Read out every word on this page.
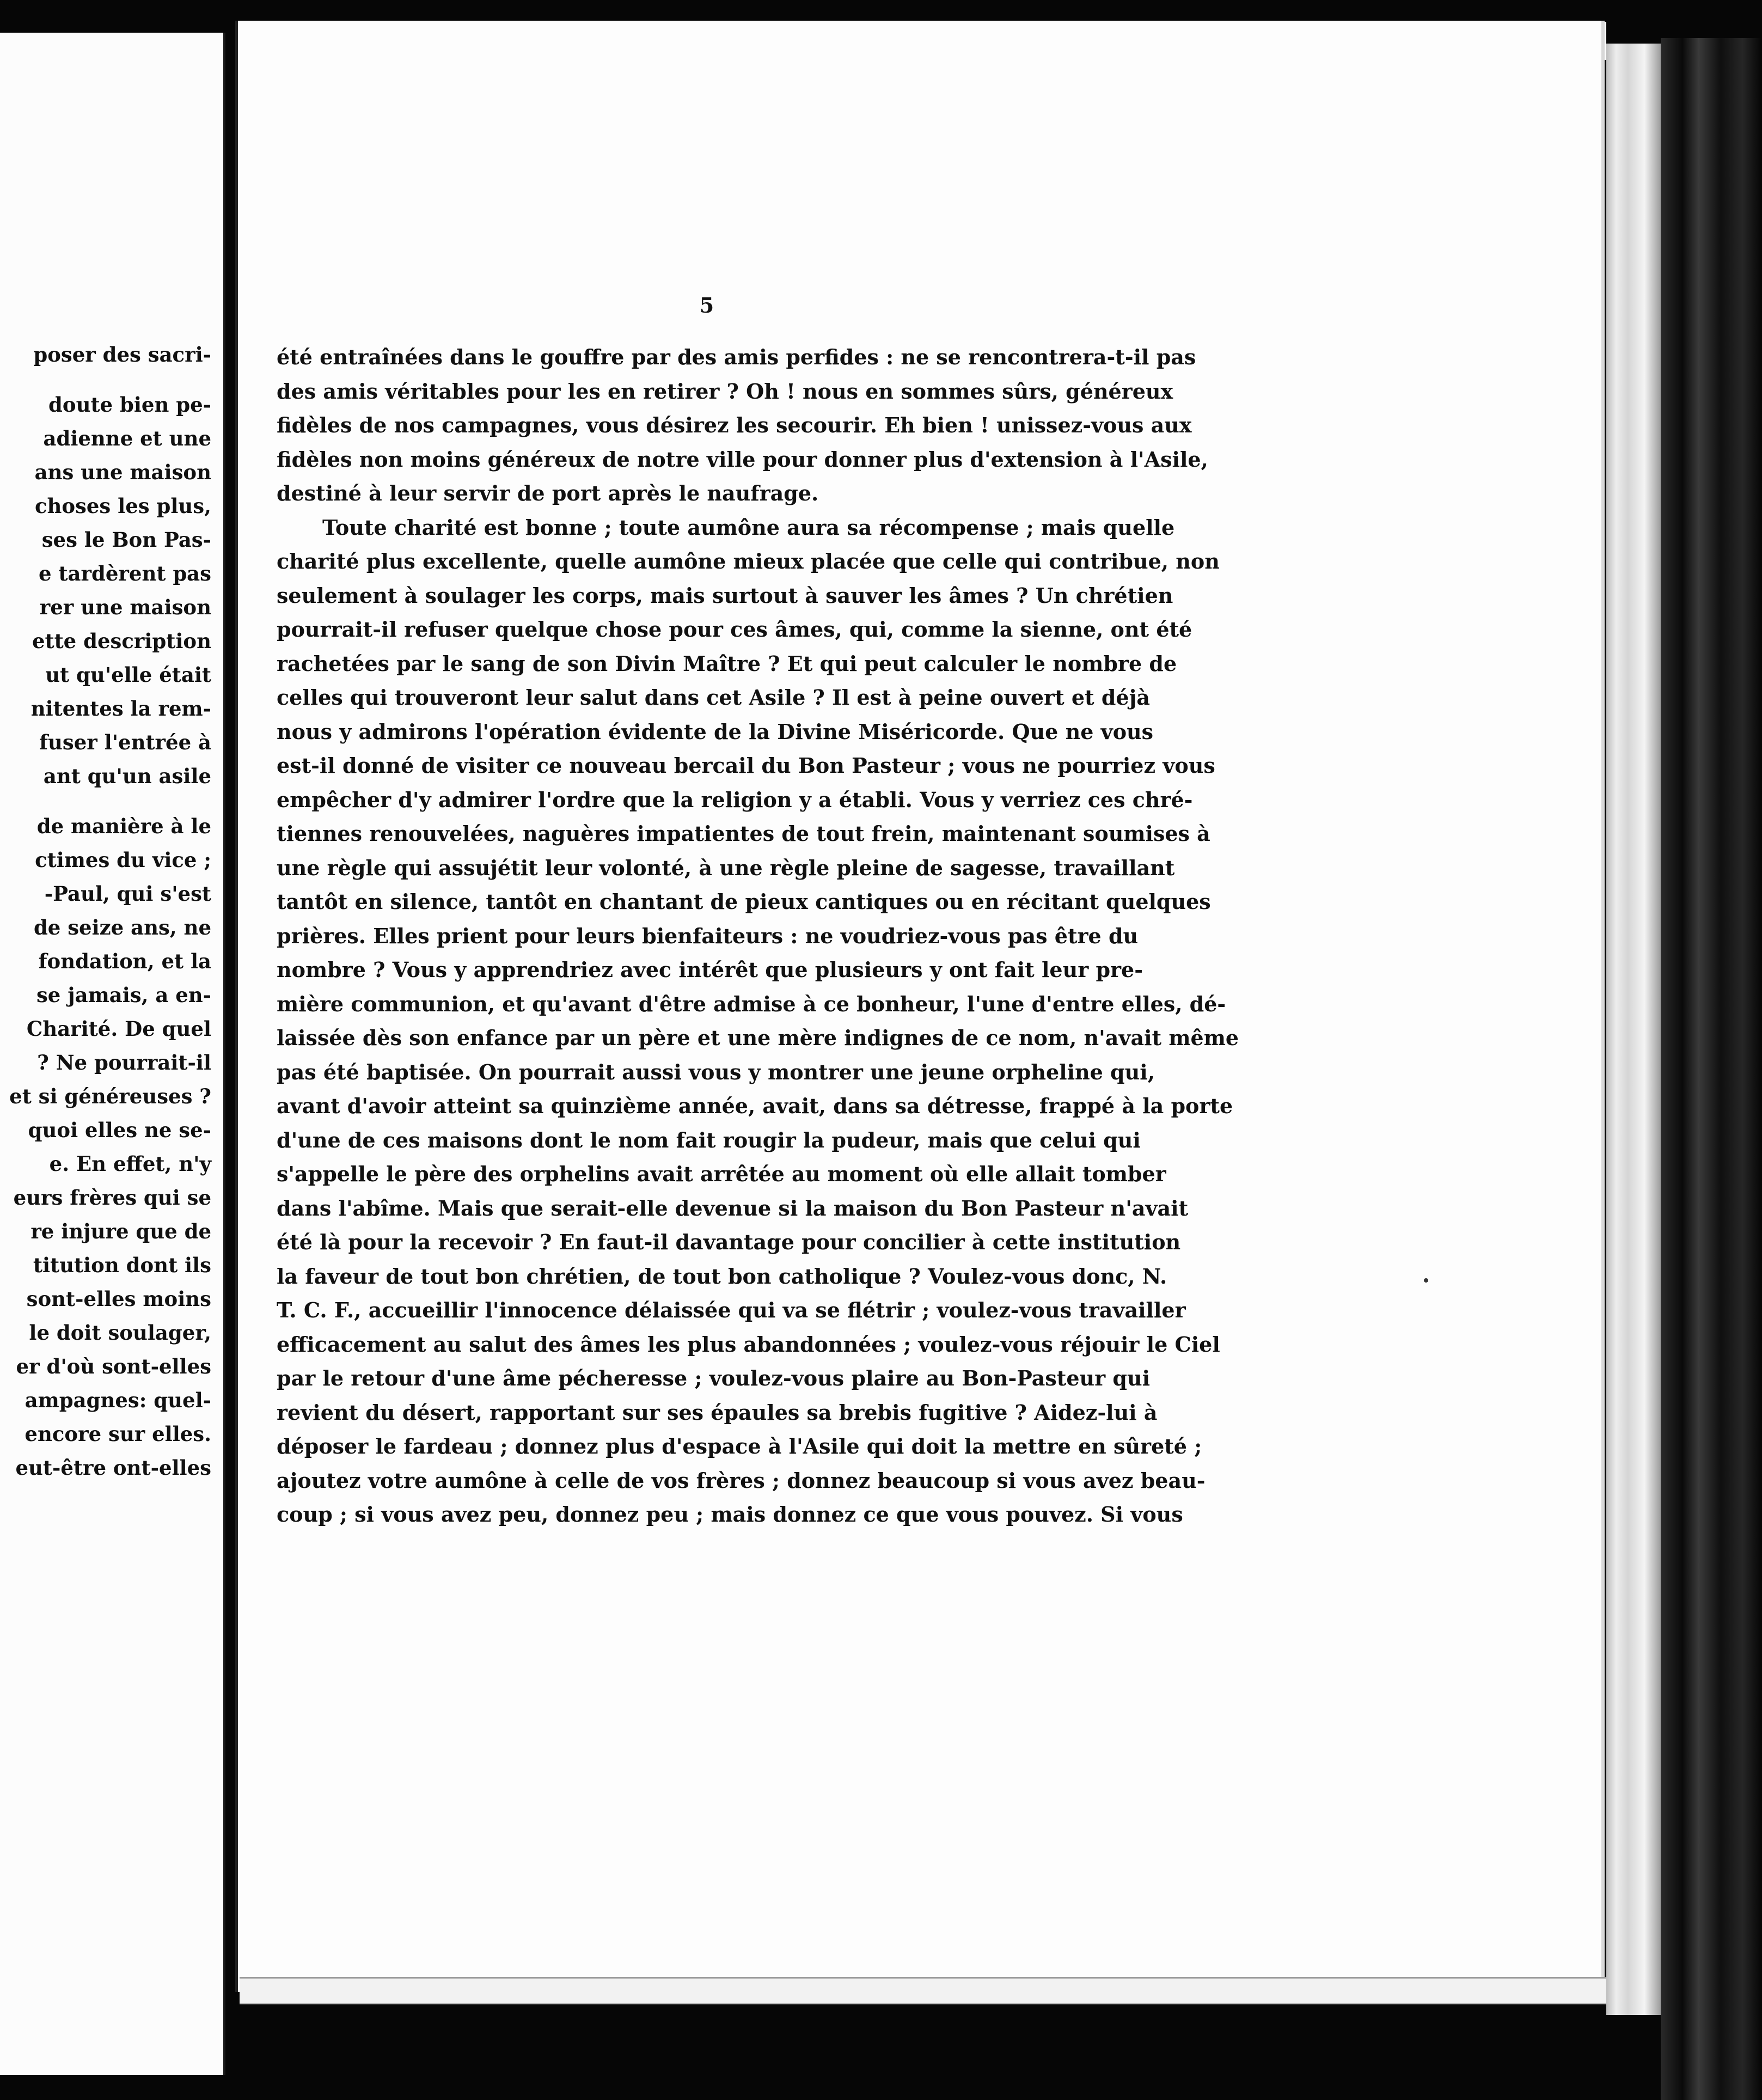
poser des sacri-
doute bien pe-
adienne et une
ans une maison
choses les plus,
ses le Bon Pas-
e tardèrent pas
rer une maison
ette description
ut qu'elle était
nitentes la rem-
fuser l'entrée à
ant qu'un asile
de manière à le
ctimes du vice ;
-Paul, qui s'est
de seize ans, ne
fondation, et la
se jamais, a en-
Charité. De quel
? Ne pourrait-il
et si généreuses ?
quoi elles ne se-
e. En effet, n'y
eurs frères qui se
re injure que de
titution dont ils
sont-elles moins
le doit soulager,
er d'où sont-elles
ampagnes: quel-
encore sur elles.
eut-être ont-elles
5
été entraînées dans le gouffre par des amis perfides : ne se rencontrera-t-il pas
des amis véritables pour les en retirer ? Oh ! nous en sommes sûrs, généreux
fidèles de nos campagnes, vous désirez les secourir. Eh bien ! unissez-vous aux
fidèles non moins généreux de notre ville pour donner plus d'extension à l'Asile,
destiné à leur servir de port après le naufrage.
Toute charité est bonne ; toute aumône aura sa récompense ; mais quelle
charité plus excellente, quelle aumône mieux placée que celle qui contribue, non
seulement à soulager les corps, mais surtout à sauver les âmes ? Un chrétien
pourrait-il refuser quelque chose pour ces âmes, qui, comme la sienne, ont été
rachetées par le sang de son Divin Maître ? Et qui peut calculer le nombre de
celles qui trouveront leur salut dans cet Asile ? Il est à peine ouvert et déjà
nous y admirons l'opération évidente de la Divine Miséricorde. Que ne vous
est-il donné de visiter ce nouveau bercail du Bon Pasteur ; vous ne pourriez vous
empêcher d'y admirer l'ordre que la religion y a établi. Vous y verriez ces chré-
tiennes renouvelées, naguères impatientes de tout frein, maintenant soumises à
une règle qui assujétit leur volonté, à une règle pleine de sagesse, travaillant
tantôt en silence, tantôt en chantant de pieux cantiques ou en récitant quelques
prières. Elles prient pour leurs bienfaiteurs : ne voudriez-vous pas être du
nombre ? Vous y apprendriez avec intérêt que plusieurs y ont fait leur pre-
mière communion, et qu'avant d'être admise à ce bonheur, l'une d'entre elles, dé-
laissée dès son enfance par un père et une mère indignes de ce nom, n'avait même
pas été baptisée. On pourrait aussi vous y montrer une jeune orpheline qui,
avant d'avoir atteint sa quinzième année, avait, dans sa détresse, frappé à la porte
d'une de ces maisons dont le nom fait rougir la pudeur, mais que celui qui
s'appelle le père des orphelins avait arrêtée au moment où elle allait tomber
dans l'abîme. Mais que serait-elle devenue si la maison du Bon Pasteur n'avait
été là pour la recevoir ? En faut-il davantage pour concilier à cette institution
la faveur de tout bon chrétien, de tout bon catholique ? Voulez-vous donc, N.
T. C. F., accueillir l'innocence délaissée qui va se flétrir ; voulez-vous travailler
efficacement au salut des âmes les plus abandonnées ; voulez-vous réjouir le Ciel
par le retour d'une âme pécheresse ; voulez-vous plaire au Bon-Pasteur qui
revient du désert, rapportant sur ses épaules sa brebis fugitive ? Aidez-lui à
déposer le fardeau ; donnez plus d'espace à l'Asile qui doit la mettre en sûreté ;
ajoutez votre aumône à celle de vos frères ; donnez beaucoup si vous avez beau-
coup ; si vous avez peu, donnez peu ; mais donnez ce que vous pouvez. Si vous
